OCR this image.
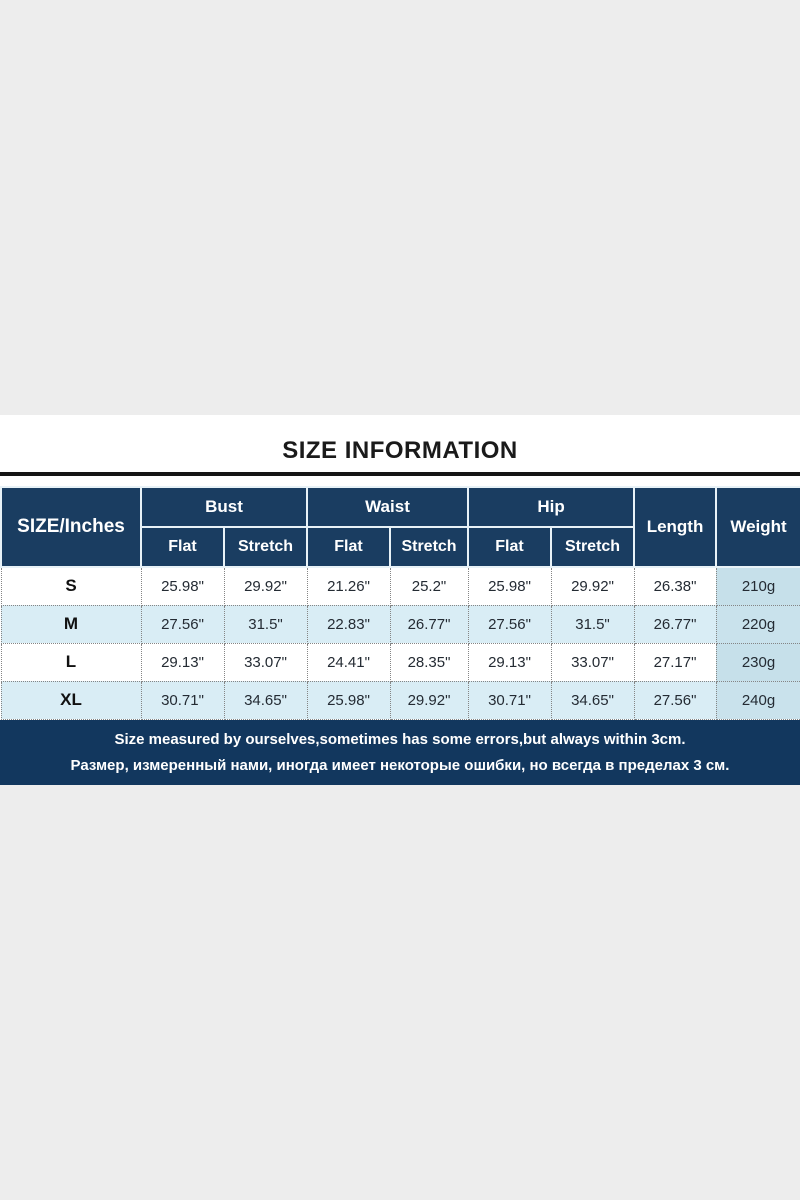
SIZE INFORMATION
SIZE/Inches	Bust		Waist		Hip		Length	Weight
	Flat	Stretch	Flat	Stretch	Flat	Stretch		
S	25.98"	29.92"	21.26"	25.2"	25.98"	29.92"	26.38"	210g
M	27.56"	31.5"	22.83"	26.77"	27.56"	31.5"	26.77"	220g
L	29.13"	33.07"	24.41"	28.35"	29.13"	33.07"	27.17"	230g
XL	30.71"	34.65"	25.98"	29.92"	30.71"	34.65"	27.56"	240g
Size measured by ourselves,sometimes has some errors,but always within 3cm.
Размер, измеренный нами, иногда имеет некоторые ошибки, но всегда в пределах 3 см.
